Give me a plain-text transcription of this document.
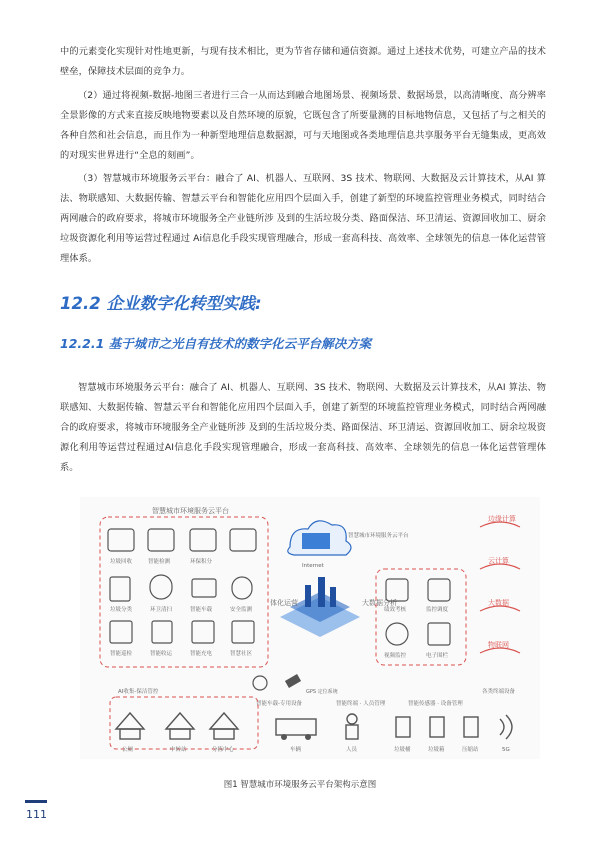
中的元素变化实现针对性地更新，与现有技术相比，更为节省存储和通信资源。通过上述技术优势，可建立产品的技术壁垒，保障技术层面的竞争力。

（2）通过将视频-数据-地图三者进行三合一从而达到融合地图场景、视频场景、数据场景，以高清晰度、高分辨率全景影像的方式来直接反映地物要素以及自然环境的原貌，它既包含了所要量测的目标地物信息，又包括了与之相关的各种自然和社会信息，而且作为一种新型地理信息数据源，可与天地图或各类地理信息共享服务平台无缝集成，更高效的对现实世界进行“全息的刻画”。

（3）智慧城市环境服务云平台：融合了 AI、机器人、互联网、3S 技术、物联网、大数据及云计算技术，从AI 算法、物联感知、大数据传输、智慧云平台和智能化应用四个层面入手，创建了新型的环境监控管理业务模式，同时结合两网融合的政府要求，将城市环境服务全产业链所涉 及到的生活垃圾分类、路面保洁、环卫清运、资源回收加工、厨余垃圾资源化利用等运营过程通过 Ai信息化手段实现管理融合，形成一套高科技、高效率、全球领先的信息一体化运营管理体系。

12.2 企业数字化转型实践:
12.2.1 基于城市之光自有技术的数字化云平台解决方案

智慧城市环境服务云平台：融合了 AI、机器人、互联网、3S 技术、物联网、大数据及云计算技术，从AI 算法、物联感知、大数据传输、智慧云平台和智能化应用四个层面入手，创建了新型的环境监控管理业务模式，同时结合两网融合的政府要求，将城市环境服务全产业链所涉 及到的生活垃圾分类、路面保洁、环卫清运、资源回收加工、厨余垃圾资源化利用等运营过程通过AI信息化手段实现管理融合，形成一套高科技、高效率、全球领先的信息一体化运营管理体系。

智慧城市环境服务云平台
垃圾回收	智能检测	环保积分
垃圾分类	环卫清扫	智能车载	安全监测
智能巡检	智能收运	智能充电	智慧社区
智慧城市环境服务云平台
Internet
体化运营	大数据分析
绩效考核	监控调度
视频监控	电子围栏
边缘计算
云计算
大数据
物联网
GPS 定位系统
AI收集-保洁管控
智能车载-专用设备	智能终端 · 人员管理	智能传感器 · 设备管理
各类终端设备
公厕	中转站	分拣中心	车辆	人员	垃圾桶	垃圾箱	压缩站	5G
图1 智慧城市环境服务云平台架构示意图
111
